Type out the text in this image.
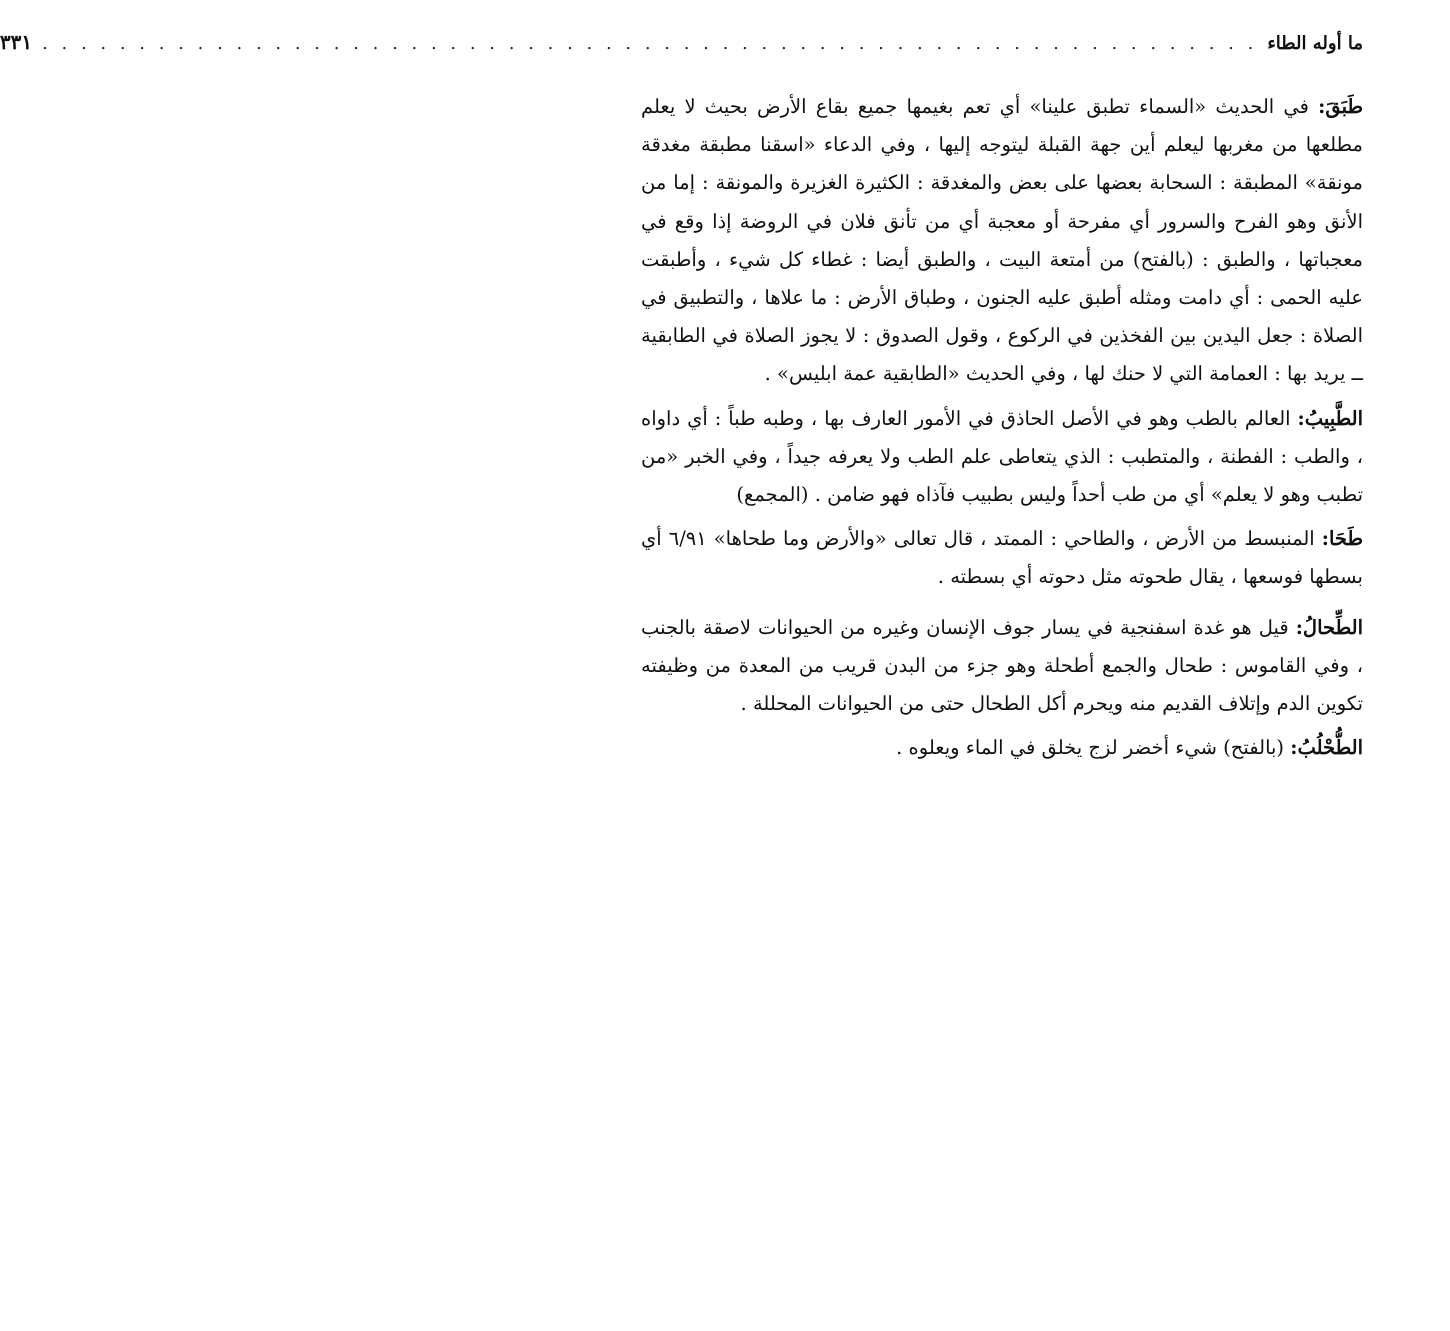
ما أوله الطاء
. . . . . . . . . . . . . . . . . . . . . . . . . . . . . . . . . . . . . . . . . . . . . . . . . . . . . . . . . . . . . . .
٣٣١

طَبَقَ: في الحديث «السماء تطبق علينا» أي تعم بغيمها جميع بقاع الأرض بحيث لا يعلم مطلعها من مغربها ليعلم أين جهة القبلة ليتوجه إليها ، وفي الدعاء «اسقنا مطبقة مغدقة مونقة» المطبقة : السحابة بعضها على بعض والمغدقة : الكثيرة الغزيرة والمونقة : إما من الأنق وهو الفرح والسرور أي مفرحة أو معجبة أي من تأنق فلان في الروضة إذا وقع في معجباتها ، والطبق : (بالفتح) من أمتعة البيت ، والطبق أيضا : غطاء كل شيء ، وأطبقت عليه الحمى : أي دامت ومثله أطبق عليه الجنون ، وطباق الأرض : ما علاها ، والتطبيق في الصلاة : جعل اليدين بين الفخذين في الركوع ، وقول الصدوق : لا يجوز الصلاة في الطابقية ــ يريد بها : العمامة التي لا حنك لها ، وفي الحديث «الطابقية عمة ابليس» .

الطَّبِيبُ: العالم بالطب وهو في الأصل الحاذق في الأمور العارف بها ، وطبه طباً : أي داواه ، والطب : الفطنة ، والمتطبب : الذي يتعاطى علم الطب ولا يعرفه جيداً ، وفي الخبر «من تطبب وهو لا يعلم» أي من طب أحداً وليس بطبيب فآذاه فهو ضامن . (المجمع)

طَحَا: المنبسط من الأرض ، والطاحي : الممتد ، قال تعالى «والأرض وما طحاها» ٦/٩١ أي بسطها فوسعها ، يقال طحوته مثل دحوته أي بسطته .

الطِّحالُ: قيل هو غدة اسفنجية في يسار جوف الإنسان وغيره من الحيوانات لاصقة بالجنب ، وفي القاموس : طحال والجمع أطحلة وهو جزء من البدن قريب من المعدة من وظيفته تكوين الدم وإتلاف القديم منه ويحرم أكل الطحال حتى من الحيوانات المحللة .

الطُّحْلُبُ: (بالفتح) شيء أخضر لزج يخلق في الماء ويعلوه .
